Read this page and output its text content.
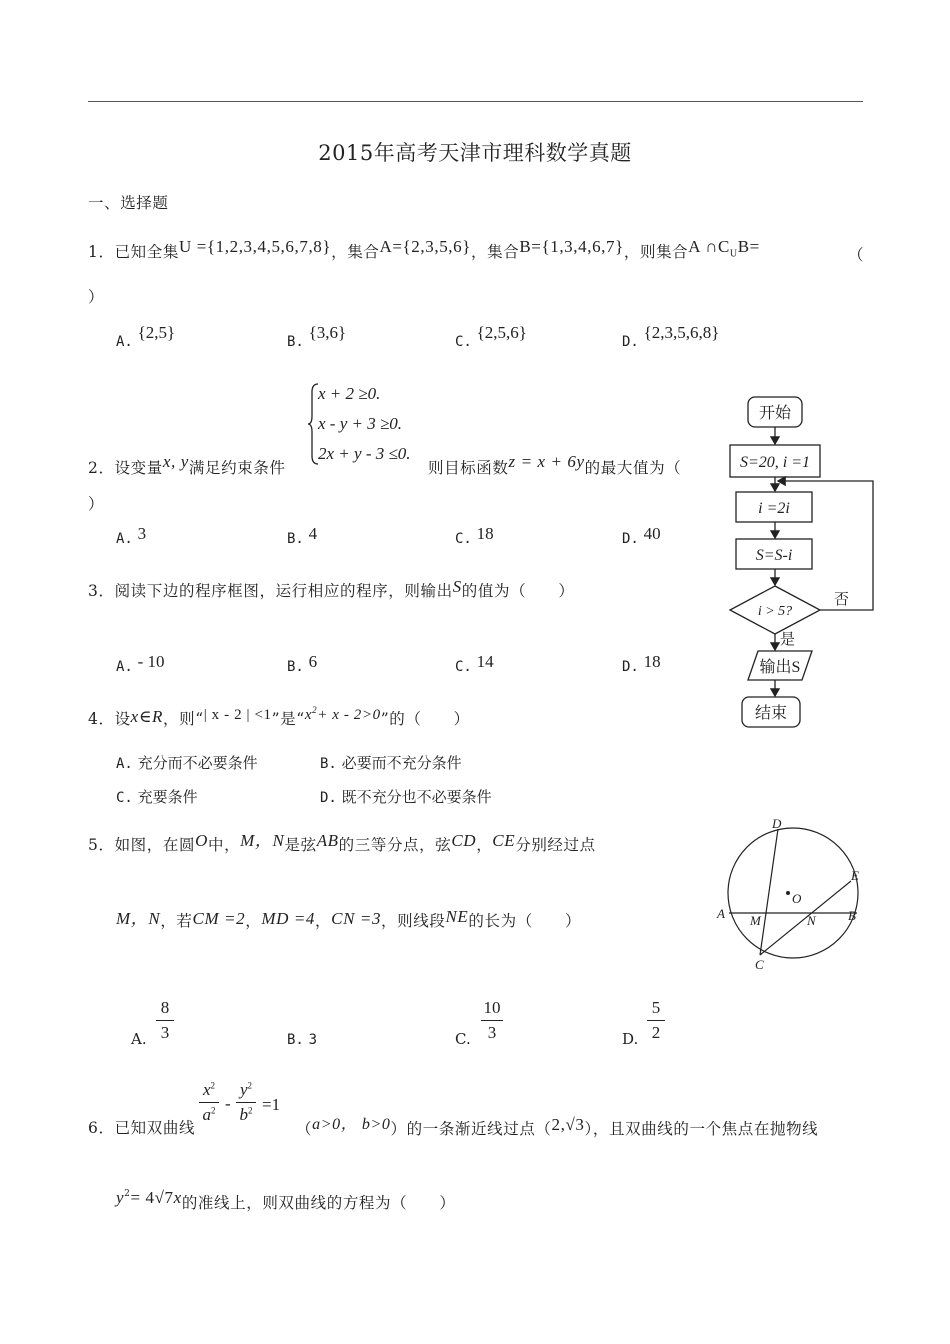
2015年高考天津市理科数学真题
一、选择题
1．已知全集U ={1,2,3,4,5,6,7,8}，集合A={2,3,5,6}，集合B={1,3,4,6,7}，则集合A $\cap C_UB=$	（
）
A. {2,5}	B. {3,6}	C. {2,5,6}	D. {2,3,5,6,8}
x + 2 ≥0.
x - y + 3 ≥0.
2x + y - 3 ≤0.
2．设变量x, y满足约束条件	则目标函数z = x + 6y的最大值为（
）
A. 3	B. 4	C. 18	D. 40
3．阅读下边的程序框图，运行相应的程序，则输出S的值为（　　）
A. - 10	B. 6	C. 14	D. 18
4．设x∈R，则“| x - 2 | <1”是“$x^2+ x - 2>0$”的（　　）
A. 充分而不必要条件	B. 必要而不充分条件
C. 充要条件	D. 既不充分也不必要条件
5．如图，在圆O中，M，N是弦AB的三等分点，弦CD，CE分别经过点
M，N，若CM =2，MD =4，CN =3，则线段NE的长为（　　）
A. $\frac{8}{3}$	B. 3	C. $\frac{10}{3}$	D. $\frac{5}{2}$
6．已知双曲线
$\frac{x^2}{a^2} - \frac{y^2}{b^2} =1$
（a>0， b>0）的一条渐近线过点（2,√3），且双曲线的一个焦点在抛物线
$y^2= 4√7x$的准线上，则双曲线的方程为（　　）
开始
S=20, i =1
i =2i
S=S-i
i > 5?
否
是
输出S
结束
D
E
A M	N B
C
O
